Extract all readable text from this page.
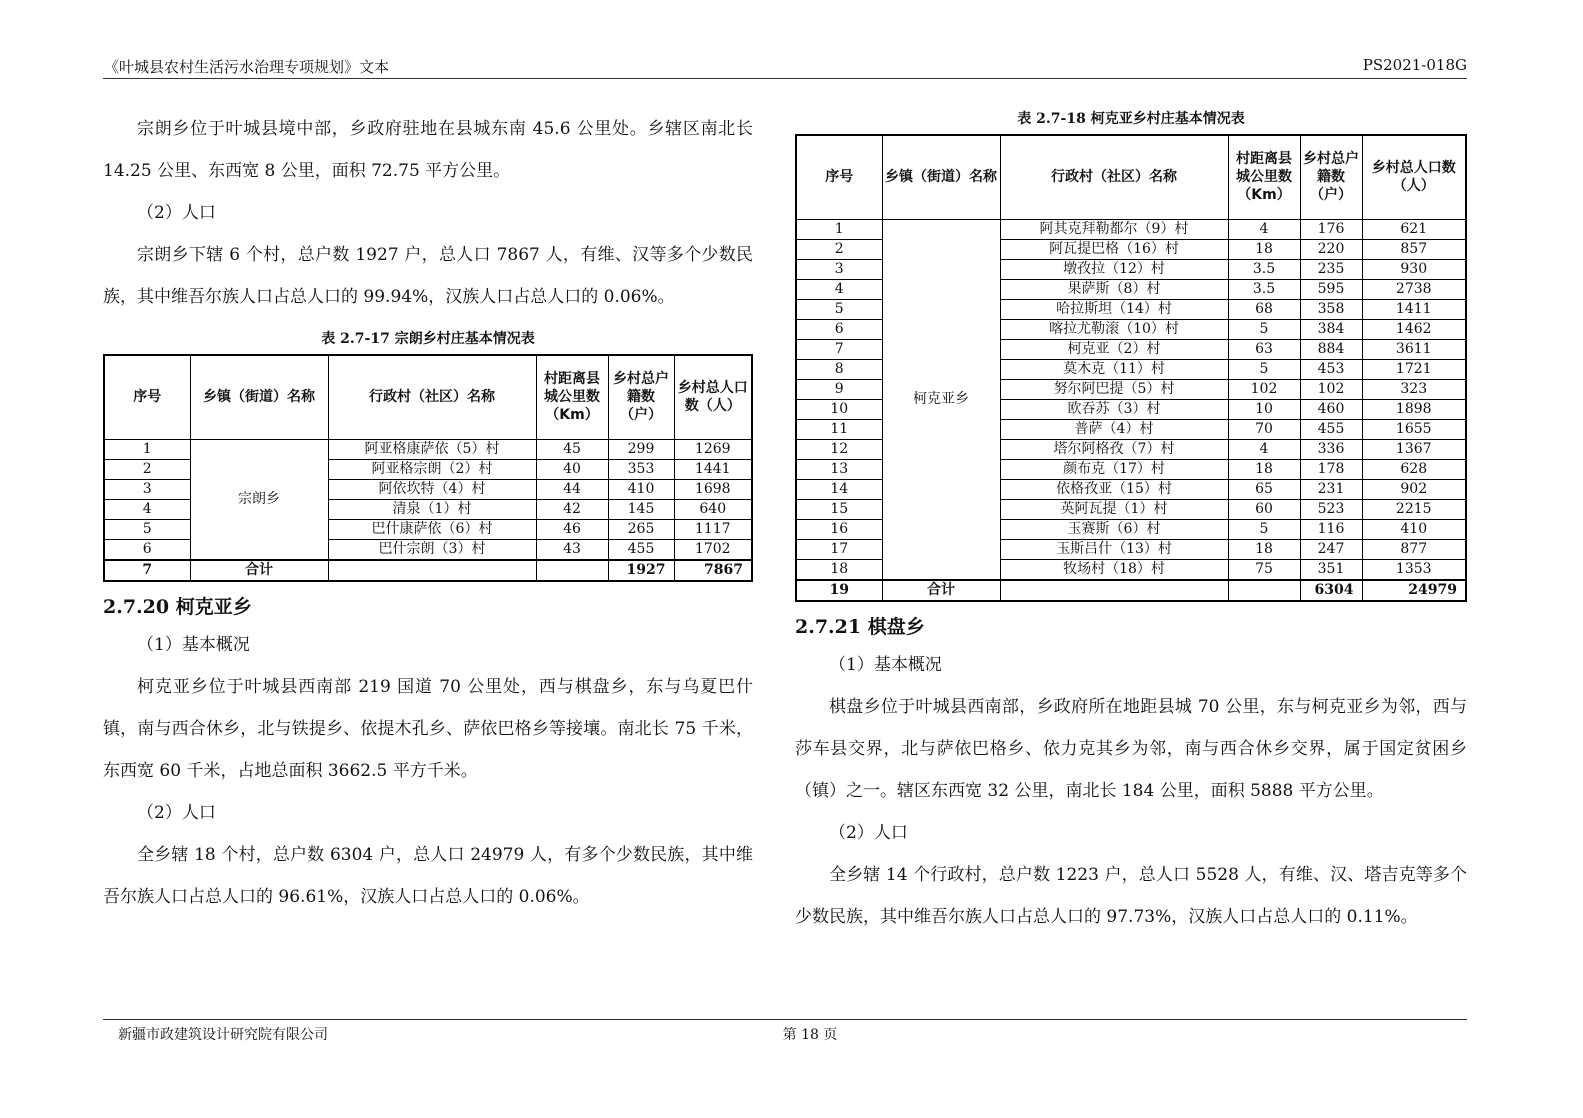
《叶城县农村生活污水治理专项规划》文本	PS2021-018G

宗朗乡位于叶城县境中部，乡政府驻地在县城东南 45.6 公里处。乡辖区南北长 14.25 公里、东西宽 8 公里，面积 72.75 平方公里。

（2）人口

宗朗乡下辖 6 个村，总户数 1927 户，总人口 7867 人，有维、汉等多个少数民族，其中维吾尔族人口占总人口的 99.94%，汉族人口占总人口的 0.06%。

表 2.7-17 宗朗乡村庄基本情况表

序号	乡镇（街道）名称	行政村（社区）名称	村距离县城公里数（Km）	乡村总户籍数（户）	乡村总人口数（人）
1	宗朗乡	阿亚格康萨依（5）村	45	299	1269
2		阿亚格宗朗（2）村	40	353	1441
3		阿依坎特（4）村	44	410	1698
4		清泉（1）村	42	145	640
5		巴什康萨依（6）村	46	265	1117
6		巴什宗朗（3）村	43	455	1702
7	合计			1927	7867
2.7.20 柯克亚乡

（1）基本概况

柯克亚乡位于叶城县西南部 219 国道 70 公里处，西与棋盘乡，东与乌夏巴什镇，南与西合休乡，北与铁提乡、依提木孔乡、萨依巴格乡等接壤。南北长 75 千米，东西宽 60 千米，占地总面积 3662.5 平方千米。

（2）人口

全乡辖 18 个村，总户数 6304 户，总人口 24979 人，有多个少数民族，其中维吾尔族人口占总人口的 96.61%，汉族人口占总人口的 0.06%。

表 2.7-18 柯克亚乡村庄基本情况表

序号	乡镇（街道）名称	行政村（社区）名称	村距离县城公里数（Km）	乡村总户籍数（户）	乡村总人口数（人）
1	柯克亚乡	阿其克拜勒都尔（9）村	4	176	621
2		阿瓦提巴格（16）村	18	220	857
3		墩孜拉（12）村	3.5	235	930
4		果萨斯（8）村	3.5	595	2738
5		哈拉斯坦（14）村	68	358	1411
6		喀拉尤勒滚（10）村	5	384	1462
7		柯克亚（2）村	63	884	3611
8		莫木克（11）村	5	453	1721
9		努尔阿巴提（5）村	102	102	323
10		欧吞苏（3）村	10	460	1898
11		普萨（4）村	70	455	1655
12		塔尔阿格孜（7）村	4	336	1367
13		颜布克（17）村	18	178	628
14		依格孜亚（15）村	65	231	902
15		英阿瓦提（1）村	60	523	2215
16		玉赛斯（6）村	5	116	410
17		玉斯吕什（13）村	18	247	877
18		牧场村（18）村	75	351	1353
19	合计			6304	24979
2.7.21 棋盘乡

（1）基本概况

棋盘乡位于叶城县西南部，乡政府所在地距县城 70 公里，东与柯克亚乡为邻，西与莎车县交界，北与萨依巴格乡、依力克其乡为邻，南与西合休乡交界，属于国定贫困乡（镇）之一。辖区东西宽 32 公里，南北长 184 公里，面积 5888 平方公里。

（2）人口

全乡辖 14 个行政村，总户数 1223 户，总人口 5528 人，有维、汉、塔吉克等多个少数民族，其中维吾尔族人口占总人口的 97.73%，汉族人口占总人口的 0.11%。

新疆市政建筑设计研究院有限公司	第 18 页
